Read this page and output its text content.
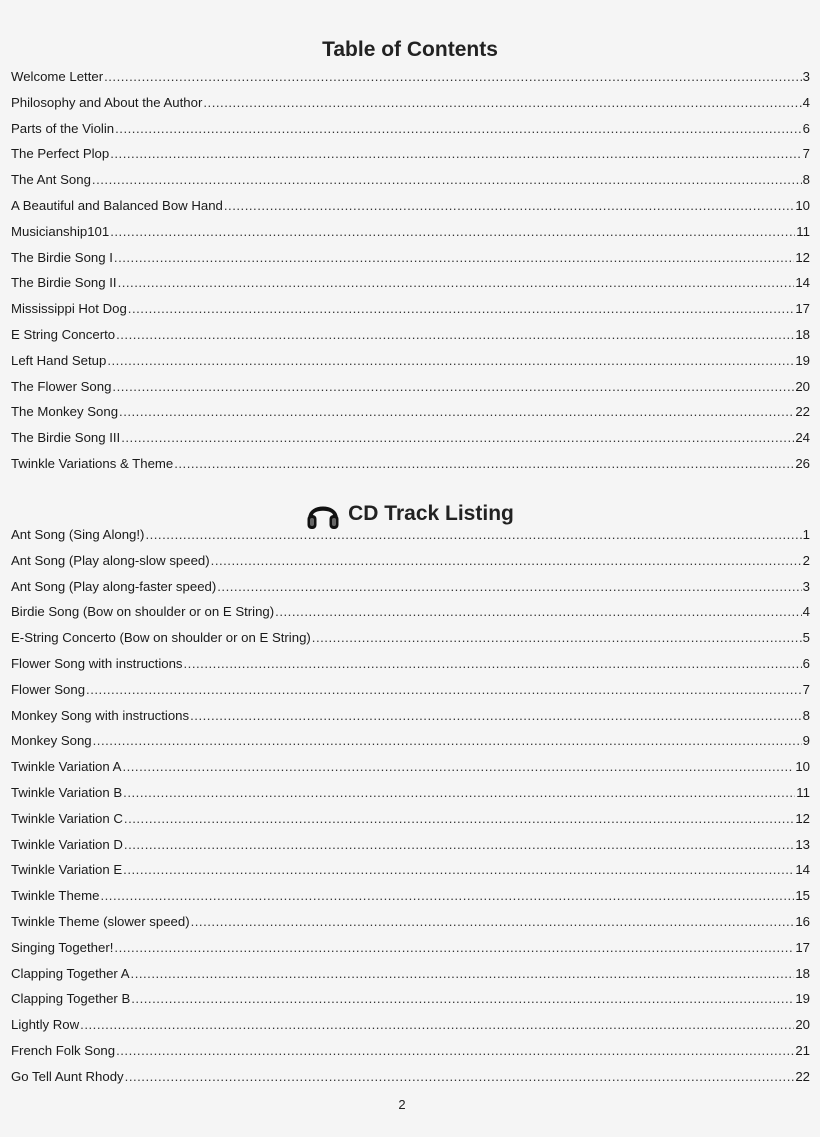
Table of Contents
Welcome Letter .....	3
Philosophy and About the Author .....	4
Parts of the Violin .....	6
The Perfect Plop .....	7
The Ant Song .....	8
A Beautiful and Balanced Bow Hand .....	10
Musicianship101 .....	11
The Birdie Song I .....	12
The Birdie Song II .....	14
Mississippi Hot Dog .....	17
E String Concerto .....	18
Left Hand Setup .....	19
The Flower Song .....	20
The Monkey Song .....	22
The Birdie Song III .....	24
Twinkle Variations & Theme .....	26
CD Track Listing
Ant Song (Sing Along!) .....	1
Ant Song (Play along-slow speed) .....	2
Ant Song (Play along-faster speed) .....	3
Birdie Song (Bow on shoulder or on E String) .....	4
E-String Concerto (Bow on shoulder or on E String) .....	5
Flower Song with instructions .....	6
Flower Song .....	7
Monkey Song with instructions .....	8
Monkey Song .....	9
Twinkle Variation A .....	10
Twinkle Variation B .....	11
Twinkle Variation C .....	12
Twinkle Variation D .....	13
Twinkle Variation E .....	14
Twinkle Theme .....	15
Twinkle Theme (slower speed) .....	16
Singing Together! .....	17
Clapping Together A .....	18
Clapping Together B .....	19
Lightly Row .....	20
French Folk Song .....	21
Go Tell Aunt Rhody .....	22
2
